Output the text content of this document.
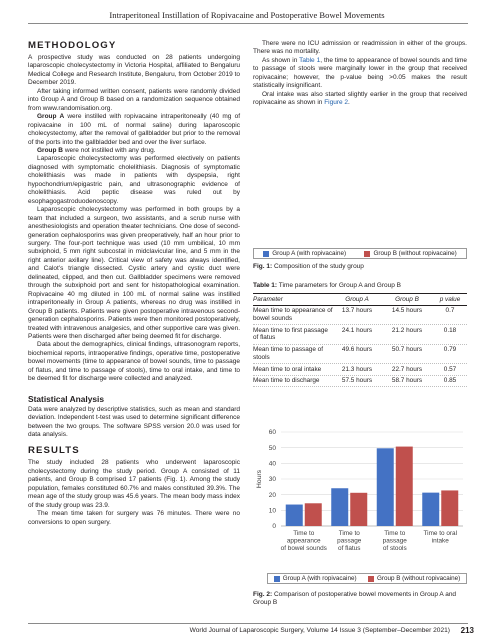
Intraperitoneal Instillation of Ropivacaine and Postoperative Bowel Movements
METHODOLOGY

A prospective study was conducted on 28 patients undergoing laparoscopic cholecystectomy in Victoria Hospital, affiliated to Bengaluru Medical College and Research Institute, Bengaluru, from October 2019 to December 2019.

After taking informed written consent, patients were randomly divided into Group A and Group B based on a randomization sequence obtained from www.randomisation.org.

Group A were instilled with ropivacaine intraperitoneally (40 mg of ropivacaine in 100 mL of normal saline) during laparoscopic cholecystectomy, after the removal of gallbladder but prior to the removal of the ports into the gallbladder bed and over the liver surface.

Group B were not instilled with any drug.

Laparoscopic cholecystectomy was performed electively on patients diagnosed with symptomatic cholelithiasis. Diagnosis of symptomatic cholelithiasis was made in patients with dyspepsia, right hypochondrium/epigastric pain, and ultrasonographic evidence of cholelithiasis. Acid peptic disease was ruled out by esophagogastroduodenoscopy.

Laparoscopic cholecystectomy was performed in both groups by a team that included a surgeon, two assistants, and a scrub nurse with anesthesiologists and operation theater technicians. One dose of second-generation cephalosporins was given preoperatively, half an hour prior to surgery. The four-port technique was used (10 mm umbilical, 10 mm subxiphoid, 5 mm right subcostal in midclavicular line, and 5 mm in the right anterior axillary line). Critical view of safety was always identified, and Calot’s triangle dissected. Cystic artery and cystic duct were delineated, clipped, and then cut. Gallbladder specimens were removed through the subxiphoid port and sent for histopathological examination. Ropivacaine 40 mg diluted in 100 mL of normal saline was instilled intraperitoneally in Group A patients, whereas no drug was instilled in Group B patients. Patients were given postoperative intravenous second-generation cephalosporins. Patients were then monitored postoperatively, treated with intravenous analgesics, and other supportive care was given. Patients were then discharged after being deemed fit for discharge.

Data about the demographics, clinical findings, ultrasonogram reports, biochemical reports, intraoperative findings, operative time, postoperative bowel movements (time to appearance of bowel sounds, time to passage of flatus, and time to passage of stools), time to oral intake, and time to be deemed fit for discharge were collected and analyzed.

Statistical Analysis

Data were analyzed by descriptive statistics, such as mean and standard deviation. Independent t-test was used to determine significant difference between the two groups. The software SPSS version 20.0 was used for data analysis.

RESULTS

The study included 28 patients who underwent laparoscopic cholecystectomy during the study period. Group A consisted of 11 patients, and Group B comprised 17 patients (Fig. 1). Among the study population, females constituted 60.7% and males constituted 39.3%. The mean age of the study group was 45.6 years. The mean body mass index of the study group was 23.9.

The mean time taken for surgery was 76 minutes. There were no conversions to open surgery.

There were no ICU admission or readmission in either of the groups. There was no mortality.

As shown in Table 1, the time to appearance of bowel sounds and time to passage of stools were marginally lower in the group that received ropivacaine; however, the p-value being >0.05 makes the result statistically insignificant.

Oral intake was also started slightly earlier in the group that received ropivacaine as shown in Figure 2.

Group A (with ropivacaine)	Group B (without ropivacaine)
Fig. 1: Composition of the study group
Table 1: Time parameters for Group A and Group B
Parameter	Group A	Group B	p value
Mean time to appearance of bowel sounds
13.7 hours	14.5 hours	0.7
Mean time to first passage of flatus
24.1 hours	21.2 hours	0.18
Mean time to passage of stools
49.6 hours	50.7 hours	0.79
Mean time to oral intake	21.3 hours	22.7 hours	0.57
Mean time to discharge	57.5 hours	58.7 hours	0.85
0
10
20
30
40
50
60
Hours
Time to
appearance
of bowel sounds
Time to
passage
of flatus
Time to
passage
of stools
Time to oral
intake
Group A (with ropivacaine)	Group B (without ropivacaine)
Fig. 2: Comparison of postoperative bowel movements in Group A and Group B
World Journal of Laparoscopic Surgery, Volume 14 Issue 3 (September–December 2021) 213
